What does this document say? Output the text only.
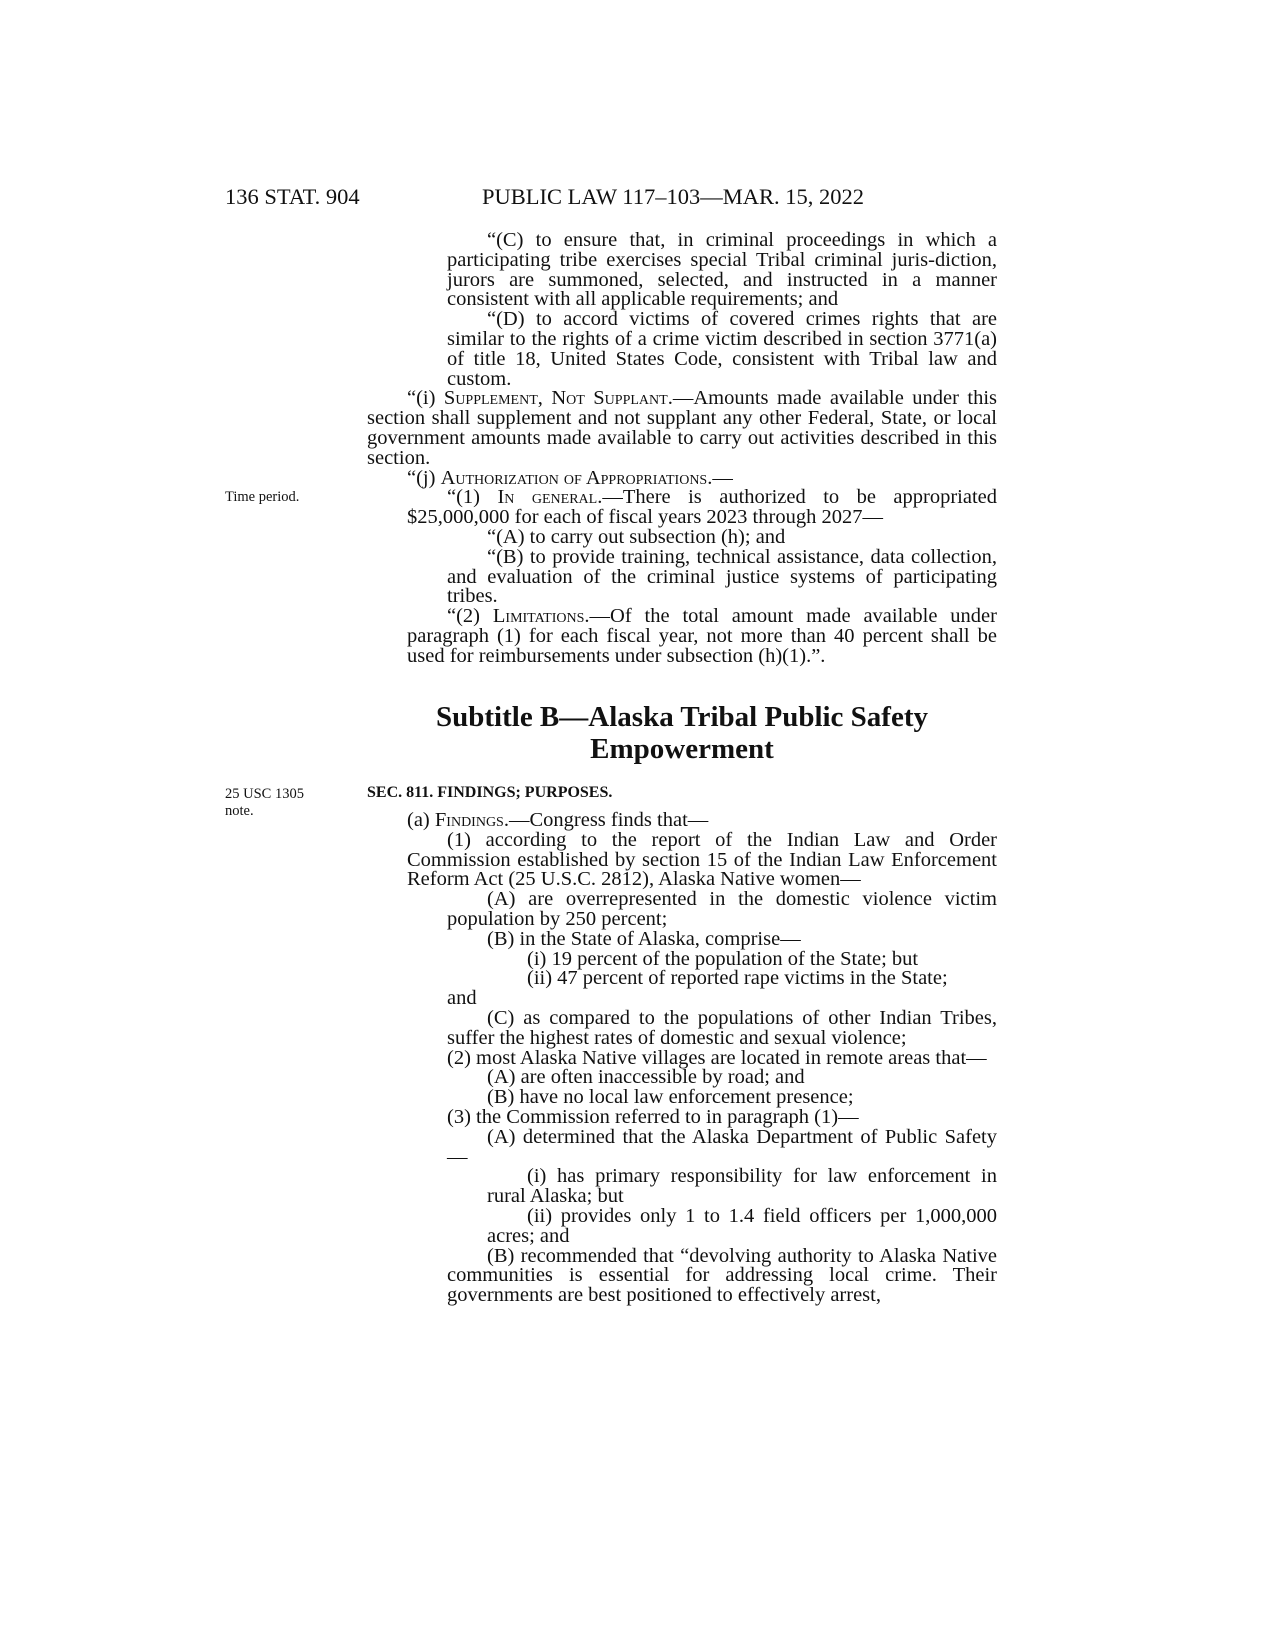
136 STAT. 904	PUBLIC LAW 117–103—MAR. 15, 2022
Time period.
25 USC 1305
note.

“(C) to ensure that, in criminal proceedings in which a participating tribe exercises special Tribal criminal juris-diction, jurors are summoned, selected, and instructed in a manner consistent with all applicable requirements; and

“(D) to accord victims of covered crimes rights that are similar to the rights of a crime victim described in section 3771(a) of title 18, United States Code, consistent with Tribal law and custom.

“(i) Supplement, Not Supplant.—Amounts made available under this section shall supplement and not supplant any other Federal, State, or local government amounts made available to carry out activities described in this section.

“(j) Authorization of Appropriations.—

“(1) In general.—There is authorized to be appropriated $25,000,000 for each of fiscal years 2023 through 2027—

“(A) to carry out subsection (h); and

“(B) to provide training, technical assistance, data collection, and evaluation of the criminal justice systems of participating tribes.

“(2) Limitations.—Of the total amount made available under paragraph (1) for each fiscal year, not more than 40 percent shall be used for reimbursements under subsection (h)(1).”.

Subtitle B—Alaska Tribal Public Safety
Empowerment
SEC. 811. FINDINGS; PURPOSES.

(a) Findings.—Congress finds that—

(1) according to the report of the Indian Law and Order Commission established by section 15 of the Indian Law Enforcement Reform Act (25 U.S.C. 2812), Alaska Native women—

(A) are overrepresented in the domestic violence victim population by 250 percent;

(B) in the State of Alaska, comprise—

(i) 19 percent of the population of the State; but

(ii) 47 percent of reported rape victims in the State;

and

(C) as compared to the populations of other Indian Tribes, suffer the highest rates of domestic and sexual violence;

(2) most Alaska Native villages are located in remote areas that—

(A) are often inaccessible by road; and

(B) have no local law enforcement presence;

(3) the Commission referred to in paragraph (1)—

(A) determined that the Alaska Department of Public Safety—

(i) has primary responsibility for law enforcement in rural Alaska; but

(ii) provides only 1 to 1.4 field officers per 1,000,000 acres; and

(B) recommended that “devolving authority to Alaska Native communities is essential for addressing local crime. Their governments are best positioned to effectively arrest,
